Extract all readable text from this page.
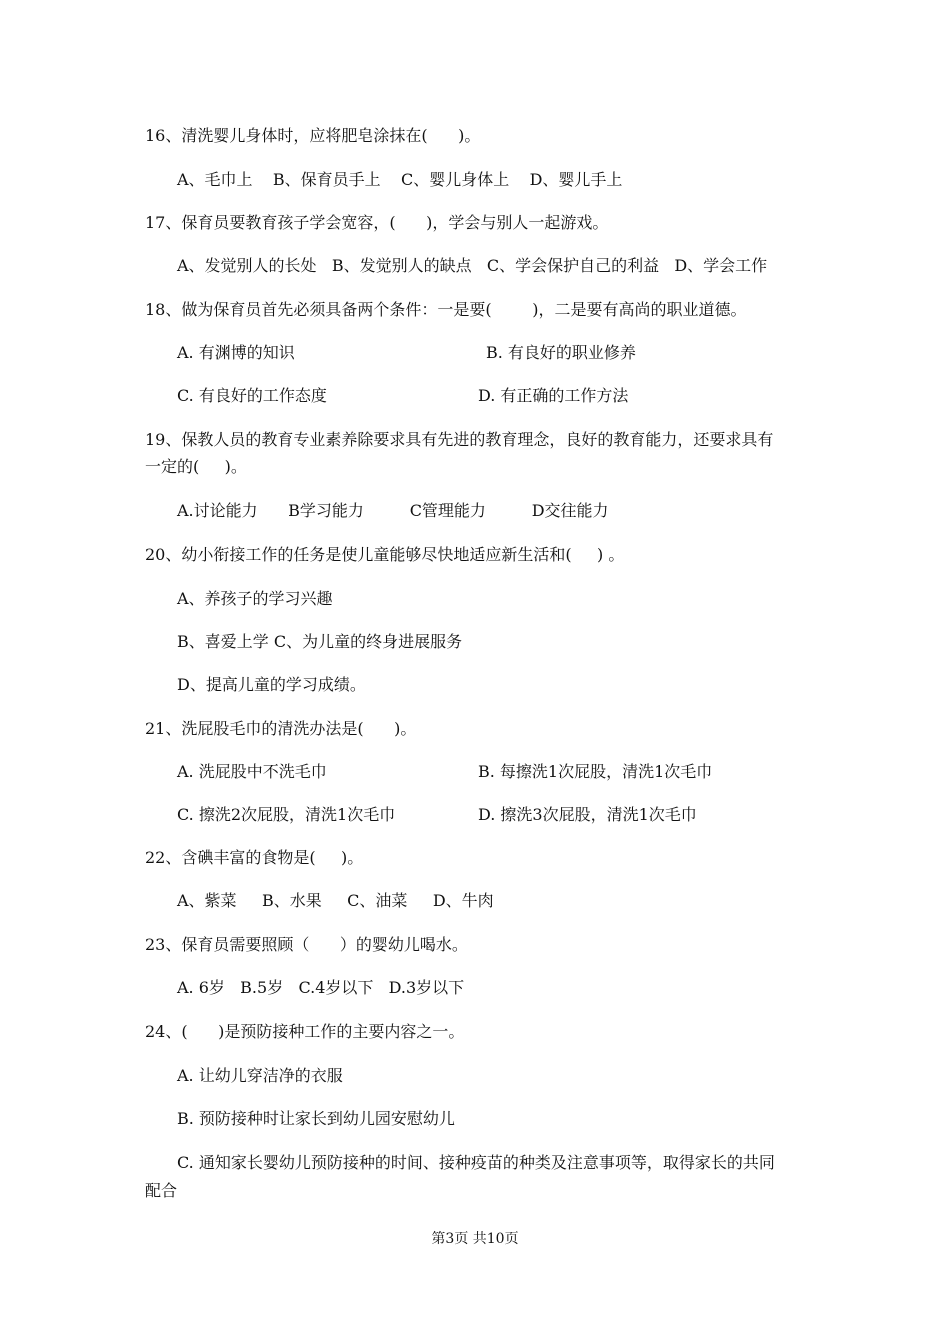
16、清洗婴儿身体时，应将肥皂涂抹在(      )。
A、毛巾上    B、保育员手上    C、婴儿身体上    D、婴儿手上
17、保育员要教育孩子学会宽容，(      )，学会与别人一起游戏。
A、发觉别人的长处   B、发觉别人的缺点   C、学会保护自己的利益   D、学会工作
18、做为保育员首先必须具备两个条件：一是要(        )，二是要有高尚的职业道德。
A. 有渊博的知识	B. 有良好的职业修养
C. 有良好的工作态度	D. 有正确的工作方法
19、保教人员的教育专业素养除要求具有先进的教育理念，良好的教育能力，还要求具有
一定的(     )。
A.讨论能力      B学习能力         C管理能力         D交往能力
20、幼小衔接工作的任务是使儿童能够尽快地适应新生活和(     ) 。
A、养孩子的学习兴趣
B、喜爱上学 C、为儿童的终身进展服务
D、提高儿童的学习成绩。
21、洗屁股毛巾的清洗办法是(      )。
A. 洗屁股中不洗毛巾	B. 每擦洗1次屁股，清洗1次毛巾
C. 擦洗2次屁股，清洗1次毛巾	D. 擦洗3次屁股，清洗1次毛巾
22、含碘丰富的食物是(     )。
A、紫菜     B、水果     C、油菜     D、牛肉
23、保育员需要照顾（      ）的婴幼儿喝水。
A. 6岁   B.5岁   C.4岁以下   D.3岁以下
24、(      )是预防接种工作的主要内容之一。
A. 让幼儿穿洁净的衣服
B. 预防接种时让家长到幼儿园安慰幼儿
C. 通知家长婴幼儿预防接种的时间、接种疫苗的种类及注意事项等，取得家长的共同
配合
第3页 共10页
